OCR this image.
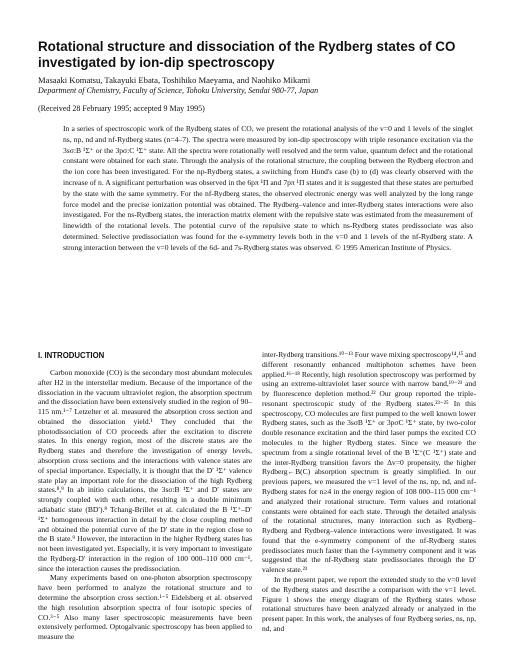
Rotational structure and dissociation of the Rydberg states of CO investigated by ion-dip spectroscopy
Masaaki Komatsu, Takayuki Ebata, Toshihiko Maeyama, and Naohiko Mikami
Department of Chemistry, Faculty of Science, Tohoku University, Sendai 980-77, Japan
(Received 28 February 1995; accepted 9 May 1995)

In a series of spectroscopic work of the Rydberg states of CO, we present the rotational analysis of the v=0 and 1 levels of the singlet ns, np, nd and nf-Rydberg states (n=4–7). The spectra were measured by ion-dip spectroscopy with triple resonance excitation via the 3sσ:B ¹Σ⁺ or the 3pσ:C ¹Σ⁺ state. All the spectra were rotationally well resolved and the term value, quantum defect and the rotational constant were obtained for each state. Through the analysis of the rotational structure, the coupling between the Rydberg electron and the ion core has been investigated. For the np-Rydberg states, a switching from Hund's case (b) to (d) was clearly observed with the increase of n. A significant perturbation was observed in the 6pπ ¹Π and 7pπ ¹Π states and it is suggested that these states are perturbed by the state with the same symmetry. For the nf-Rydberg states, the observed electronic energy was well analyzed by the long range force model and the precise ionization potential was obtained. The Rydberg–valence and inter-Rydberg states interactions were also investigated. For the ns-Rydberg states, the interaction matrix element with the repulsive state was estimated from the measurement of linewidth of the rotational levels. The potential curve of the repulsive state to which ns-Rydberg states predissociate was also determined. Selective predissociation was found for the e-symmetry levels both in the v=0 and 1 levels of the nf-Rydberg state. A strong interaction between the v=0 levels of the 6d- and 7s-Rydberg states was observed. © 1995 American Institute of Physics.

I. INTRODUCTION

Carbon monoxide (CO) is the secondary most abundant molecules after H2 in the interstellar medium. Because of the importance of the dissociation in the vacuum ultraviolet region, the absorption spectrum and the dissociation have been extensively studied in the region of 90–115 nm.¹⁻⁷ Letzelter et al. measured the absorption cross section and obtained the dissociation yield.¹ They concluded that the photodissociation of CO proceeds after the excitation to discrete states. In this energy region, most of the discrete states are the Rydberg states and therefore the investigation of energy levels, absorption cross sections and the interactions with valence states are of special importance. Especially, it is thought that the D′ ¹Σ⁺ valence state play an important role for the dissociation of the high Rydberg states.⁸,⁹ In ab initio calculations, the 3sσ:B ¹Σ⁺ and D′ states are strongly coupled with each other, resulting in a double minimum adiabatic state (BD′).⁸ Tchang-Brillet et al. calculated the B ¹Σ⁺–D′ ¹Σ⁺ homogeneous interaction in detail by the close coupling method and obtained the potential curve of the D′ state in the region close to the B state.⁹ However, the interaction in the higher Rydberg states has not been investigated yet. Especially, it is very important to investigate the Rydberg-D′ interaction in the region of 100 000–110 000 cm⁻¹, since the interaction causes the predissociation.

Many experiments based on one-photon absorption spectroscopy have been performed to analyze the rotational structure and to determine the absorption cross section.¹⁻⁵ Eidelsberg et al. observed the high resolution absorption spectra of four isotopic species of CO.³⁻⁵ Also many laser spectroscopic measurements have been extensively performed. Optogalvanic spectroscopy has been applied to measure the

inter-Rydberg transitions.¹⁰⁻¹³ Four wave mixing spectroscopy¹⁴,¹⁵ and different resonantly enhanced multiphoton schemes have been applied.¹⁶⁻¹⁸ Recently, high resolution spectroscopy was performed by using an extreme-ultraviolet laser source with narrow band,¹⁹⁻²¹ and by fluorescence depletion method.²² Our group reported the triple-resonant spectroscopic study of the Rydberg states.²³⁻²⁵ In this spectroscopy, CO molecules are first pumped to the well known lower Rydberg states, such as the 3sσB ¹Σ⁺ or 3pσC ¹Σ⁺ state, by two-color double resonance excitation and the third laser pumps the excited CO molecules to the higher Rydberg states. Since we measure the spectrum from a single rotational level of the B ¹Σ⁺(C ¹Σ⁺) state and the inter-Rydberg transition favors the Δv=0 propensity, the higher Rydberg←B(C) absorption spectrum is greatly simplified. In our previous papers, we measured the v=1 level of the ns, np, nd, and nf-Rydberg states for n≥4 in the energy region of 108 000–115 000 cm⁻¹ and analyzed their rotational structure. Term values and rotational constants were obtained for each state. Through the detailed analysis of the rotational structures, many interaction such as Rydberg–Rydberg and Rydberg–valence interactions were investigated. It was found that the e-symmetry component of the nf-Rydberg states predissociates much faster than the f-symmetry component and it was suggested that the nf-Rydberg state predissociates through the D′ valence state.²³

In the present paper, we report the extended study to the v=0 level of the Rydberg states and describe a comparison with the v=1 level. Figure 1 shows the energy diagram of the Rydberg states whose rotational structures have been analyzed already or analyzed in the present paper. In this work, the analyses of four Rydberg series, ns, np, nd, and
